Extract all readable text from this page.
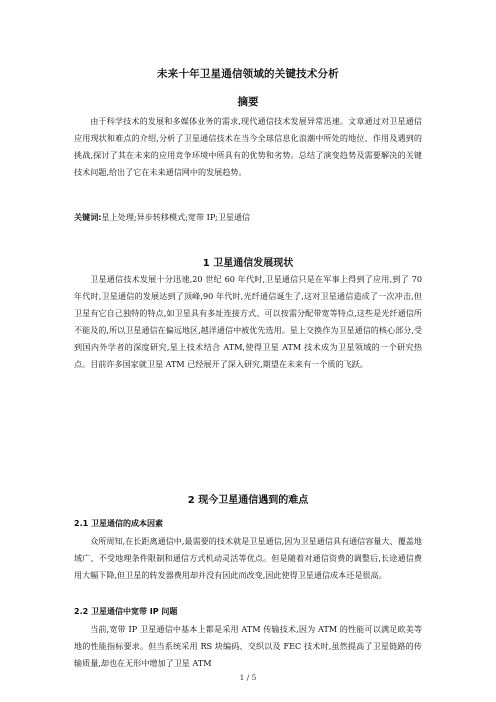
未来十年卫星通信领域的关键技术分析
摘要

由于科学技术的发展和多媒体业务的需求,现代通信技术发展异常迅速。文章通过对卫星通信应用现状和难点的介绍,分析了卫星通信技术在当今全球信息化浪潮中所处的地位、作用及遇到的挑战,探讨了其在未来的应用竞争环境中所具有的优势和劣势。总结了演变趋势及需要解决的关键技术问题,给出了它在未来通信网中的发展趋势。

关键词:星上处理;异步转移模式;宽带 IP;卫星通信

1 卫星通信发展现状

卫星通信技术发展十分迅速,20 世纪 60 年代时,卫星通信只是在军事上得到了应用,到了 70 年代时,卫星通信的发展达到了顶峰,90 年代时,光纤通信诞生了,这对卫星通信造成了一次冲击,但卫星有它自己独特的特点,如卫星具有多址连接方式、可以按需分配带宽等特点,这些是光纤通信所不能及的,所以卫星通信在偏远地区,越洋通信中被优先选用。星上交换作为卫星通信的核心部分,受到国内外学者的深度研究,星上技术结合 ATM,使得卫星 ATM 技术成为卫星领域的一个研究热点。目前许多国家就卫星 ATM 已经展开了深入研究,期望在未来有一个质的飞跃。

2 现今卫星通信遇到的难点
2.1 卫星通信的成本因素

众所周知,在长距离通信中,最需要的技术就是卫星通信,因为卫星通信具有通信容量大、覆盖地域广、不受地理条件限制和通信方式机动灵活等优点。但是随着对通信资费的调整后,长途通信费用大幅下降,但卫星的转发器费用却并没有因此而改变,因此使得卫星通信成本还是很高。

2.2 卫星通信中宽带 IP 问题

当前,宽带 IP 卫星通信中基本上都是采用 ATM 传输技术,因为 ATM 的性能可以满足欧美等地的性能指标要求。但当系统采用 RS 块编码、交织以及 FEC 技术时,虽然提高了卫星链路的传输质量,却也在无形中增加了卫星 ATM

1 / 5
